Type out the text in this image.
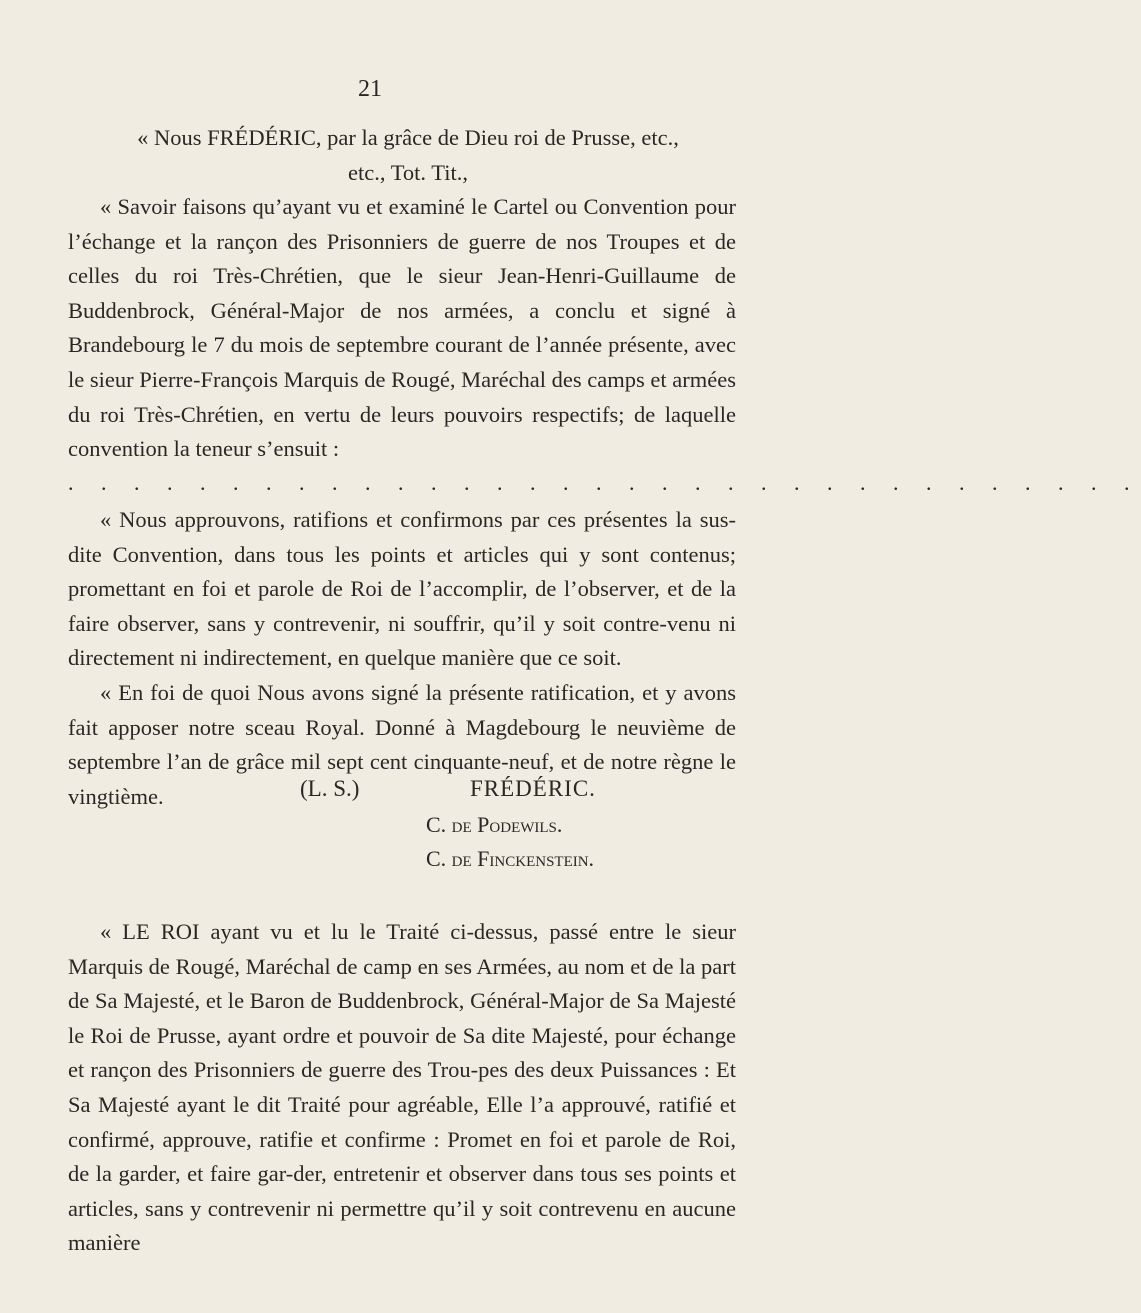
21

« Nous FRÉDÉRIC, par la grâce de Dieu roi de Prusse, etc., etc., Tot. Tit.,

« Savoir faisons qu’ayant vu et examiné le Cartel ou Convention pour l’échange et la rançon des Prisonniers de guerre de nos Troupes et de celles du roi Très-Chrétien, que le sieur Jean-Henri-Guillaume de Buddenbrock, Général-Major de nos armées, a conclu et signé à Brandebourg le 7 du mois de septembre courant de l’année présente, avec le sieur Pierre-François Marquis de Rougé, Maréchal des camps et armées du roi Très-Chrétien, en vertu de leurs pouvoirs respectifs; de laquelle convention la teneur s’ensuit :

. . . . . . . . . . . . . . . . . . . . . . . . . . . . . . . . .

« Nous approuvons, ratifions et confirmons par ces présentes la sus-dite Convention, dans tous les points et articles qui y sont contenus; promettant en foi et parole de Roi de l’accomplir, de l’observer, et de la faire observer, sans y contrevenir, ni souffrir, qu’il y soit contre-venu ni directement ni indirectement, en quelque manière que ce soit.

« En foi de quoi Nous avons signé la présente ratification, et y avons fait apposer notre sceau Royal. Donné à Magdebourg le neuvième de septembre l’an de grâce mil sept cent cinquante-neuf, et de notre règne le vingtième.	(L. S.)	FRÉDÉRIC.
C. de Podewils.
C. de Finckenstein.

« LE ROI ayant vu et lu le Traité ci-dessus, passé entre le sieur Marquis de Rougé, Maréchal de camp en ses Armées, au nom et de la part de Sa Majesté, et le Baron de Buddenbrock, Général-Major de Sa Majesté le Roi de Prusse, ayant ordre et pouvoir de Sa dite Majesté, pour échange et rançon des Prisonniers de guerre des Trou-pes des deux Puissances : Et Sa Majesté ayant le dit Traité pour agréable, Elle l’a approuvé, ratifié et confirmé, approuve, ratifie et confirme : Promet en foi et parole de Roi, de la garder, et faire gar-der, entretenir et observer dans tous ses points et articles, sans y contrevenir ni permettre qu’il y soit contrevenu en aucune manière
